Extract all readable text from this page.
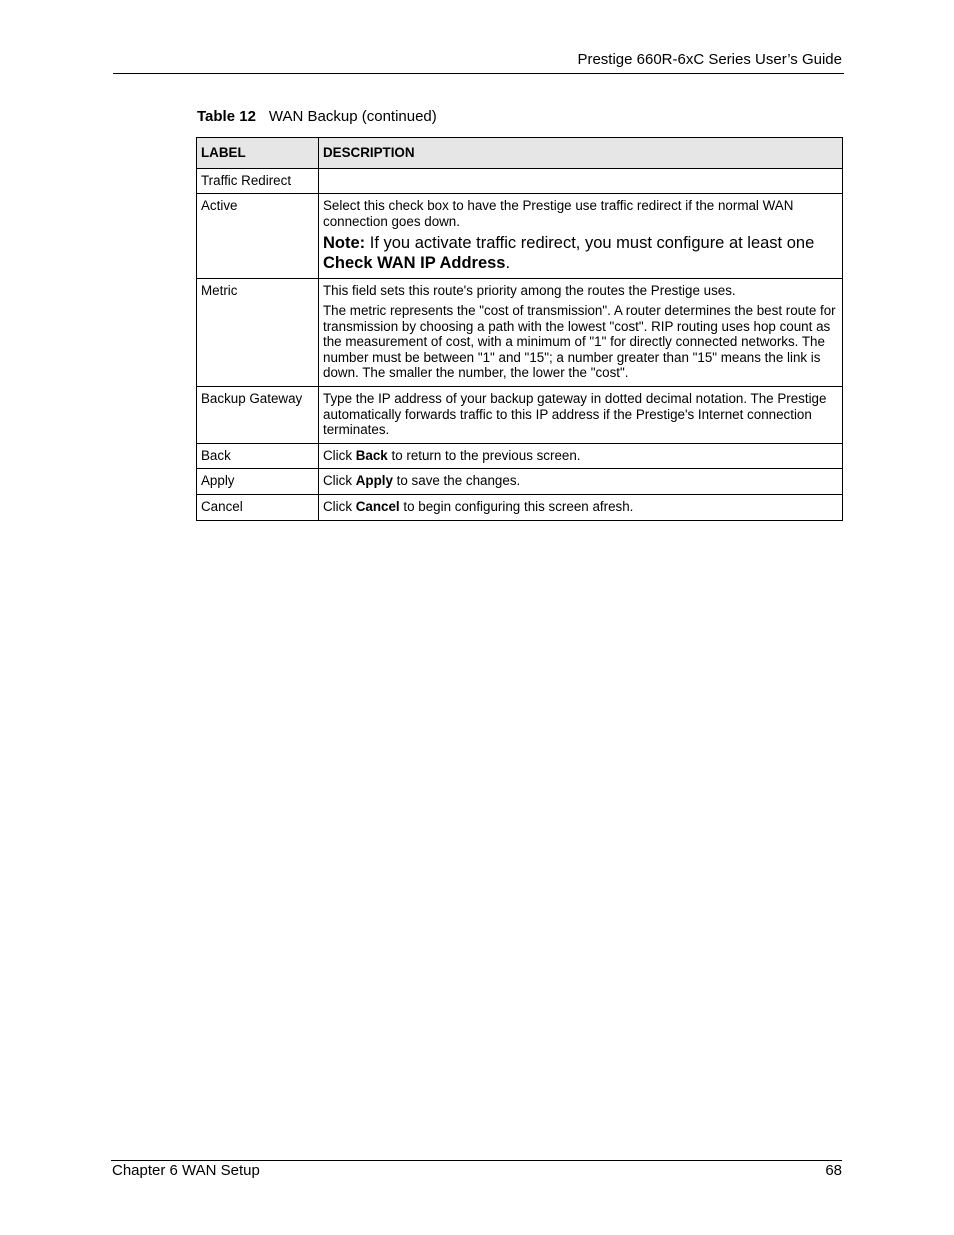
Prestige 660R-6xC Series User’s Guide
Table 12 WAN Backup (continued)
LABEL	DESCRIPTION
Traffic Redirect	
Active	Select this check box to have the Prestige use traffic redirect if the normal WAN connection goes down.

Note: If you activate traffic redirect, you must configure at least one Check WAN IP Address.

Metric	This field sets this route's priority among the routes the Prestige uses.

The metric represents the "cost of transmission". A router determines the best route for transmission by choosing a path with the lowest "cost". RIP routing uses hop count as the measurement of cost, with a minimum of "1" for directly connected networks. The number must be between "1" and "15"; a number greater than "15" means the link is down. The smaller the number, the lower the "cost".

Backup Gateway	Type the IP address of your backup gateway in dotted decimal notation. The Prestige automatically forwards traffic to this IP address if the Prestige's Internet connection terminates.

Back	Click Back to return to the previous screen.
Apply	Click Apply to save the changes.
Cancel	Click Cancel to begin configuring this screen afresh.
Chapter 6 WAN Setup	68
